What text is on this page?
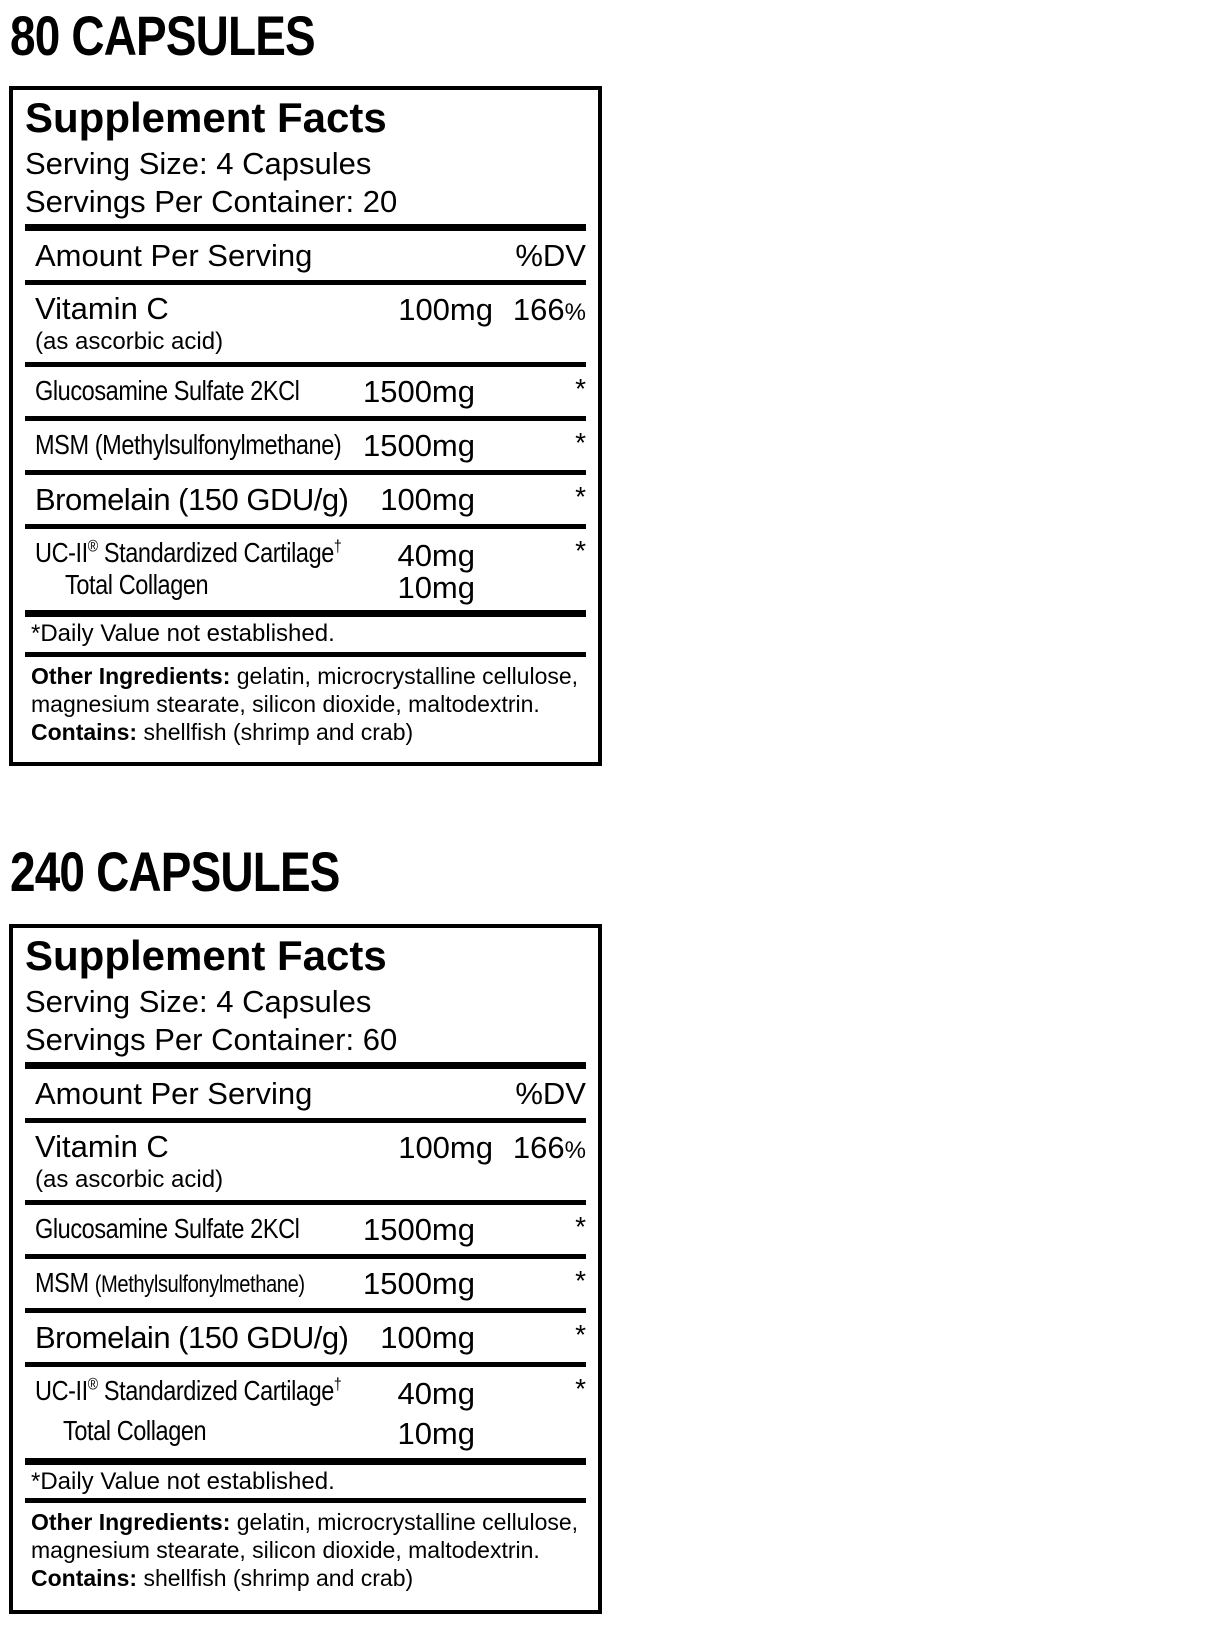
80 CAPSULES
Supplement Facts
Serving Size: 4 Capsules
Servings Per Container: 20
Amount Per Serving	%DV
Vitamin C
(as ascorbic acid)
100mg 166%
Glucosamine Sulfate 2KCl	1500mg	*
MSM (Methylsulfonylmethane) 1500mg	*
Bromelain (150 GDU/g)	100mg	*
UC-II® Standardized Cartilage†	40mg	*
Total Collagen	10mg
*Daily Value not established.
Other Ingredients: gelatin, microcrystalline cellulose,
magnesium stearate, silicon dioxide, maltodextrin.
Contains: shellfish (shrimp and crab)
240 CAPSULES
Supplement Facts
Serving Size: 4 Capsules
Servings Per Container: 60
Amount Per Serving	%DV
Vitamin C
(as ascorbic acid)
100mg 166%
Glucosamine Sulfate 2KCl	1500mg	*
MSM (Methylsulfonylmethane)	1500mg	*
Bromelain (150 GDU/g)	100mg	*
UC-II® Standardized Cartilage†	40mg	*
Total Collagen	10mg
*Daily Value not established.
Other Ingredients: gelatin, microcrystalline cellulose,
magnesium stearate, silicon dioxide, maltodextrin.
Contains: shellfish (shrimp and crab)
